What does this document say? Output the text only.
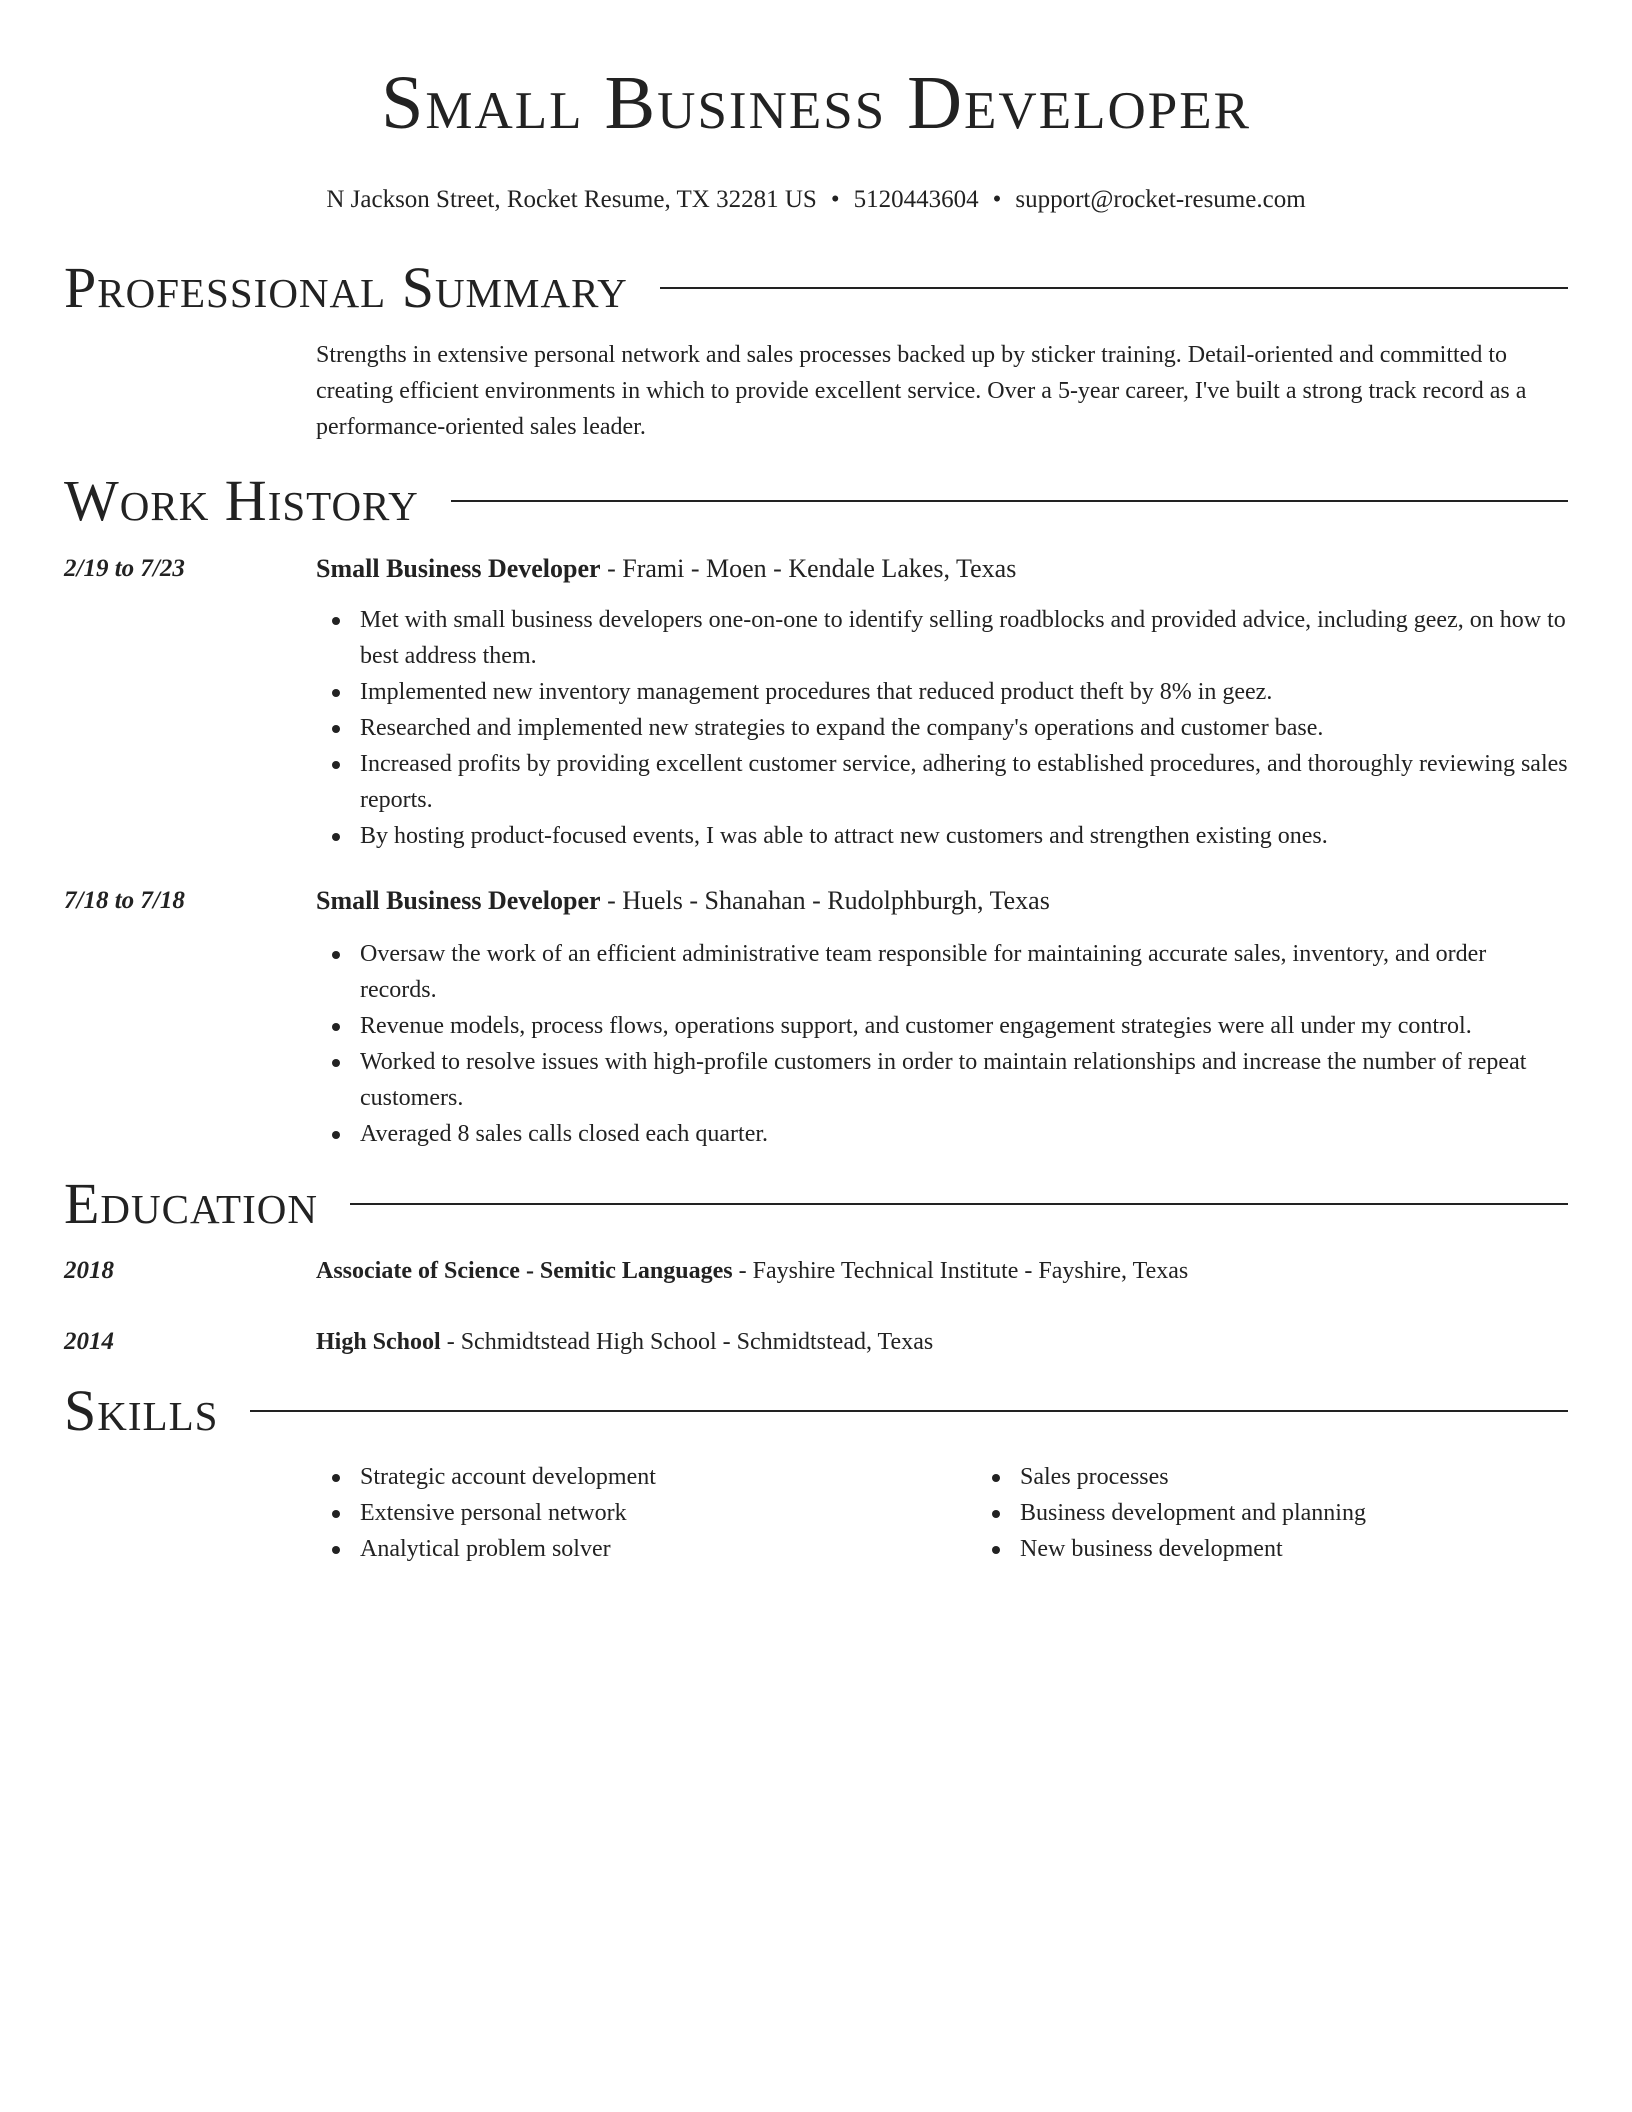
Small Business Developer
N Jackson Street, Rocket Resume, TX 32281 US • 5120443604 • support@rocket-resume.com
Professional Summary
Strengths in extensive personal network and sales processes backed up by sticker training. Detail-oriented and committed to creating efficient environments in which to provide excellent service. Over a 5-year career, I've built a strong track record as a performance-oriented sales leader.
Work History
2/19 to 7/23	Small Business Developer - Frami - Moen - Kendale Lakes, Texas
Met with small business developers one-on-one to identify selling roadblocks and provided advice, including geez, on how to best address them.
Implemented new inventory management procedures that reduced product theft by 8% in geez.
Researched and implemented new strategies to expand the company's operations and customer base.
Increased profits by providing excellent customer service, adhering to established procedures, and thoroughly reviewing sales reports.
By hosting product-focused events, I was able to attract new customers and strengthen existing ones.
7/18 to 7/18	Small Business Developer - Huels - Shanahan - Rudolphburgh, Texas
Oversaw the work of an efficient administrative team responsible for maintaining accurate sales, inventory, and order records.
Revenue models, process flows, operations support, and customer engagement strategies were all under my control.
Worked to resolve issues with high-profile customers in order to maintain relationships and increase the number of repeat customers.
Averaged 8 sales calls closed each quarter.
Education
2018	Associate of Science - Semitic Languages - Fayshire Technical Institute - Fayshire, Texas
2014	High School - Schmidtstead High School - Schmidtstead, Texas
Skills
Strategic account development
Extensive personal network
Analytical problem solver
Sales processes
Business development and planning
New business development
